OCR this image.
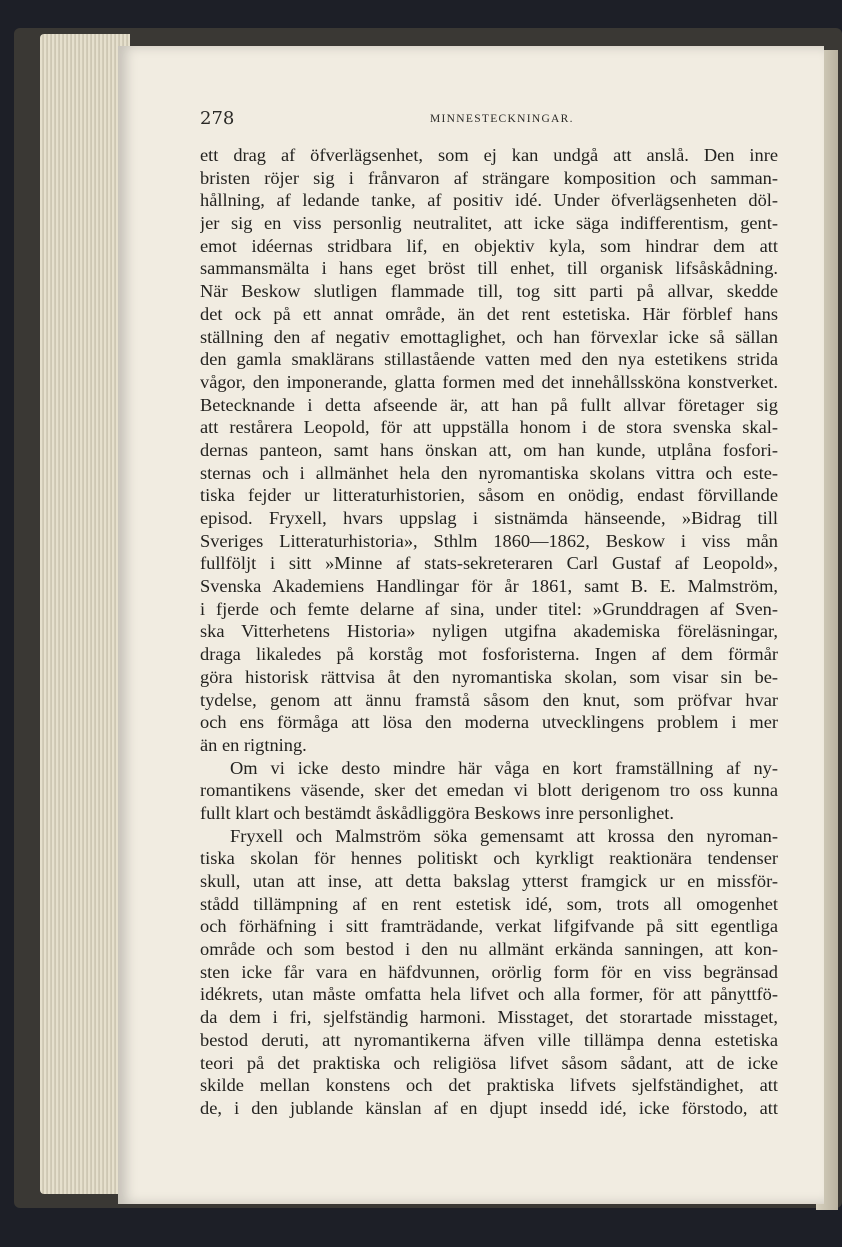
278	MINNESTECKNINGAR.
ett drag af öfverlägsenhet, som ej kan undgå att anslå. Den inre
bristen röjer sig i frånvaron af strängare komposition och samman-
hållning, af ledande tanke, af positiv idé. Under öfverlägsenheten döl-
jer sig en viss personlig neutralitet, att icke säga indifferentism, gent-
emot idéernas stridbara lif, en objektiv kyla, som hindrar dem att
sammansmälta i hans eget bröst till enhet, till organisk lifsåskådning.
När Beskow slutligen flammade till, tog sitt parti på allvar, skedde
det ock på ett annat område, än det rent estetiska. Här förblef hans
ställning den af negativ emottaglighet, och han förvexlar icke så sällan
den gamla smaklärans stillastående vatten med den nya estetikens strida
vågor, den imponerande, glatta formen med det innehållssköna konstverket.
Betecknande i detta afseende är, att han på fullt allvar företager sig
att restårera Leopold, för att uppställa honom i de stora svenska skal-
dernas panteon, samt hans önskan att, om han kunde, utplåna fosfori-
sternas och i allmänhet hela den nyromantiska skolans vittra och este-
tiska fejder ur litteraturhistorien, såsom en onödig, endast förvillande
episod. Fryxell, hvars uppslag i sistnämda hänseende, »Bidrag till
Sveriges Litteraturhistoria», Sthlm 1860—1862, Beskow i viss mån
fullföljt i sitt »Minne af stats-sekreteraren Carl Gustaf af Leopold»,
Svenska Akademiens Handlingar för år 1861, samt B. E. Malmström,
i fjerde och femte delarne af sina, under titel: »Grunddragen af Sven-
ska Vitterhetens Historia» nyligen utgifna akademiska föreläsningar,
draga likaledes på korståg mot fosforisterna. Ingen af dem förmår
göra historisk rättvisa åt den nyromantiska skolan, som visar sin be-
tydelse, genom att ännu framstå såsom den knut, som pröfvar hvar
och ens förmåga att lösa den moderna utvecklingens problem i mer
än en rigtning.
Om vi icke desto mindre här våga en kort framställning af ny-
romantikens väsende, sker det emedan vi blott derigenom tro oss kunna
fullt klart och bestämdt åskådliggöra Beskows inre personlighet.
Fryxell och Malmström söka gemensamt att krossa den nyroman-
tiska skolan för hennes politiskt och kyrkligt reaktionära tendenser
skull, utan att inse, att detta bakslag ytterst framgick ur en missför-
stådd tillämpning af en rent estetisk idé, som, trots all omogenhet
och förhäfning i sitt framträdande, verkat lifgifvande på sitt egentliga
område och som bestod i den nu allmänt erkända sanningen, att kon-
sten icke får vara en häfdvunnen, orörlig form för en viss begränsad
idékrets, utan måste omfatta hela lifvet och alla former, för att pånyttfö-
da dem i fri, sjelfständig harmoni. Misstaget, det storartade misstaget,
bestod deruti, att nyromantikerna äfven ville tillämpa denna estetiska
teori på det praktiska och religiösa lifvet såsom sådant, att de icke
skilde mellan konstens och det praktiska lifvets sjelfständighet, att
de, i den jublande känslan af en djupt insedd idé, icke förstodo, att
